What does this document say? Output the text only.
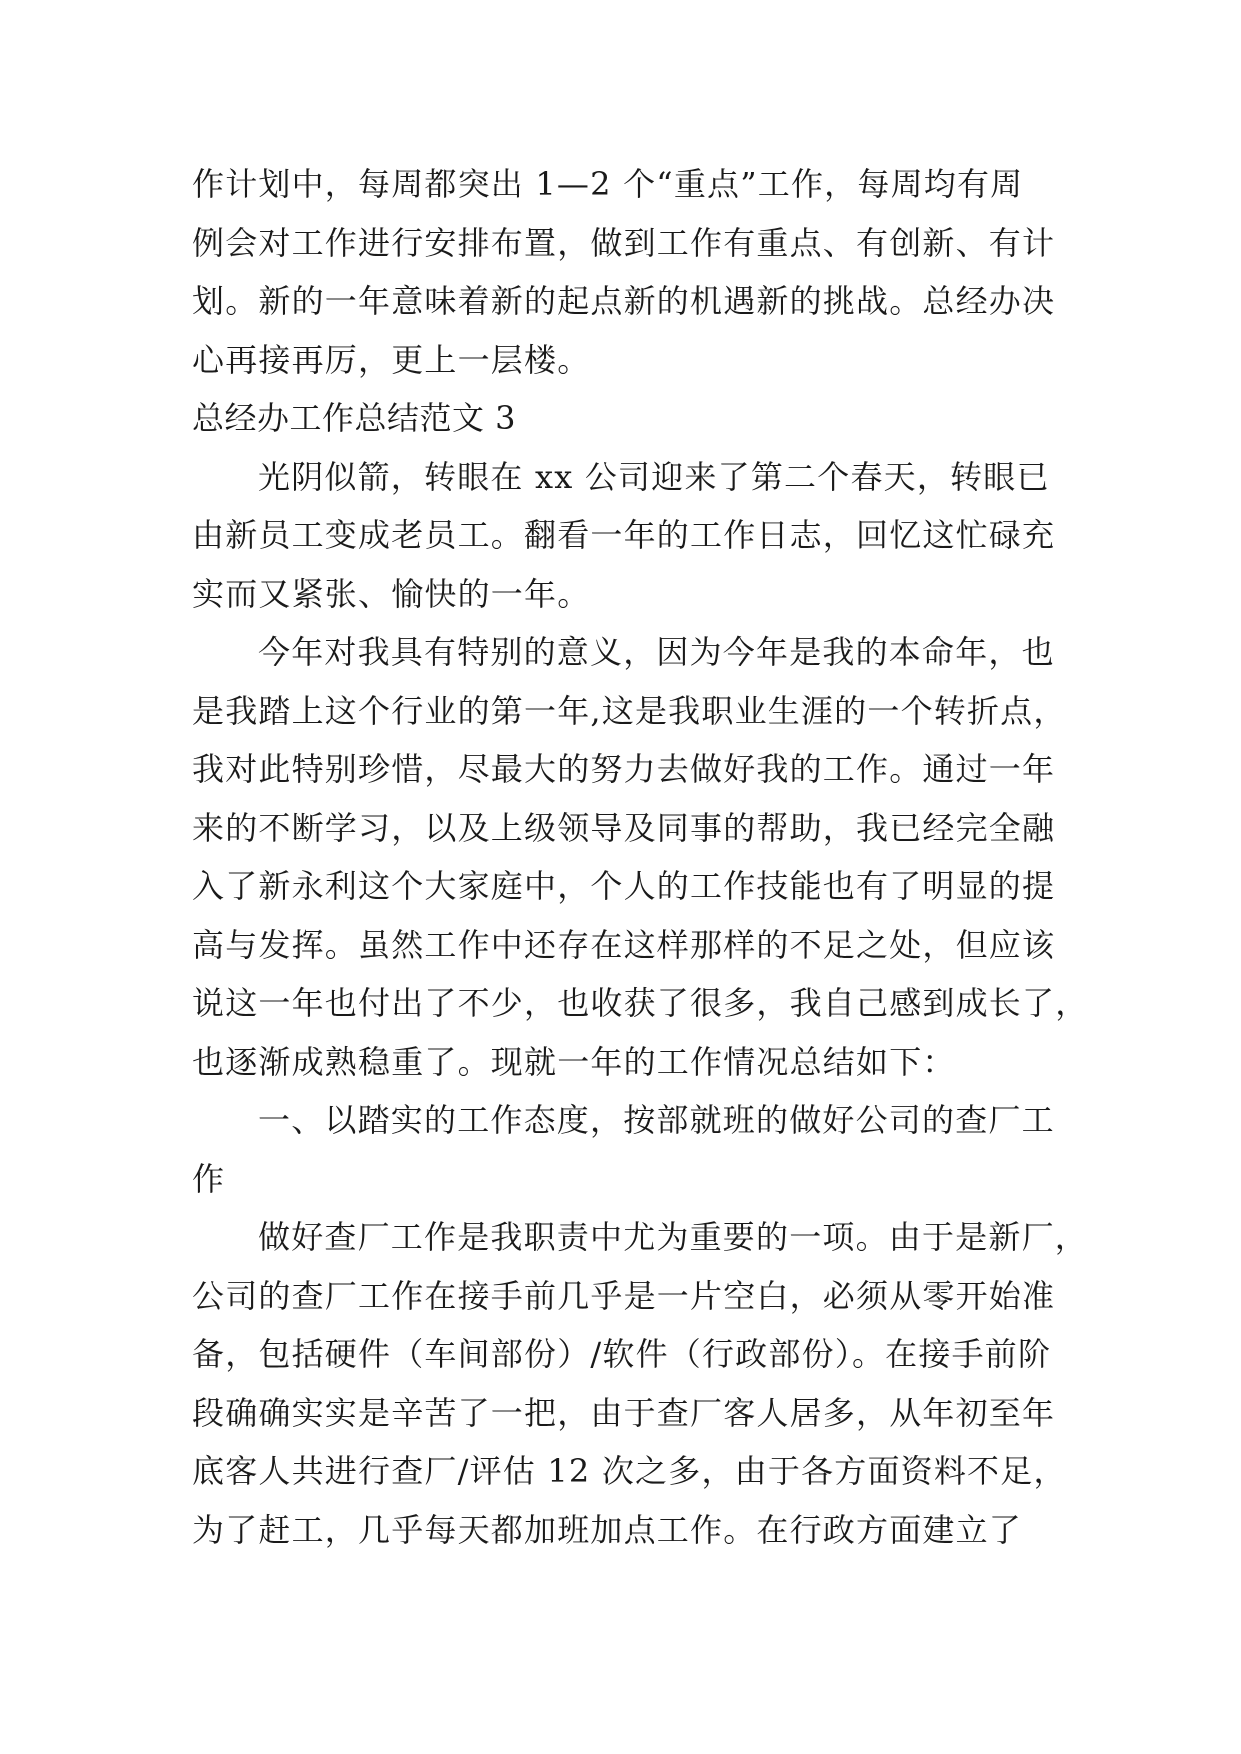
作计划中，每周都突出 1—2 个“重点”工作，每周均有周
例会对工作进行安排布置，做到工作有重点、有创新、有计
划。新的一年意味着新的起点新的机遇新的挑战。总经办决
心再接再厉，更上一层楼。
总经办工作总结范文 3
光阴似箭，转眼在 xx 公司迎来了第二个春天，转眼已
由新员工变成老员工。翻看一年的工作日志，回忆这忙碌充
实而又紧张、愉快的一年。
今年对我具有特别的意义，因为今年是我的本命年，也
是我踏上这个行业的第一年,这是我职业生涯的一个转折点，
我对此特别珍惜，尽最大的努力去做好我的工作。通过一年
来的不断学习，以及上级领导及同事的帮助，我已经完全融
入了新永利这个大家庭中，个人的工作技能也有了明显的提
高与发挥。虽然工作中还存在这样那样的不足之处，但应该
说这一年也付出了不少，也收获了很多，我自己感到成长了，
也逐渐成熟稳重了。现就一年的工作情况总结如下：
一、以踏实的工作态度，按部就班的做好公司的查厂工
作
做好查厂工作是我职责中尤为重要的一项。由于是新厂，
公司的查厂工作在接手前几乎是一片空白，必须从零开始准
备，包括硬件（车间部份）/软件（行政部份）。在接手前阶
段确确实实是辛苦了一把，由于查厂客人居多，从年初至年
底客人共进行查厂/评估 12 次之多，由于各方面资料不足，
为了赶工，几乎每天都加班加点工作。在行政方面建立了
